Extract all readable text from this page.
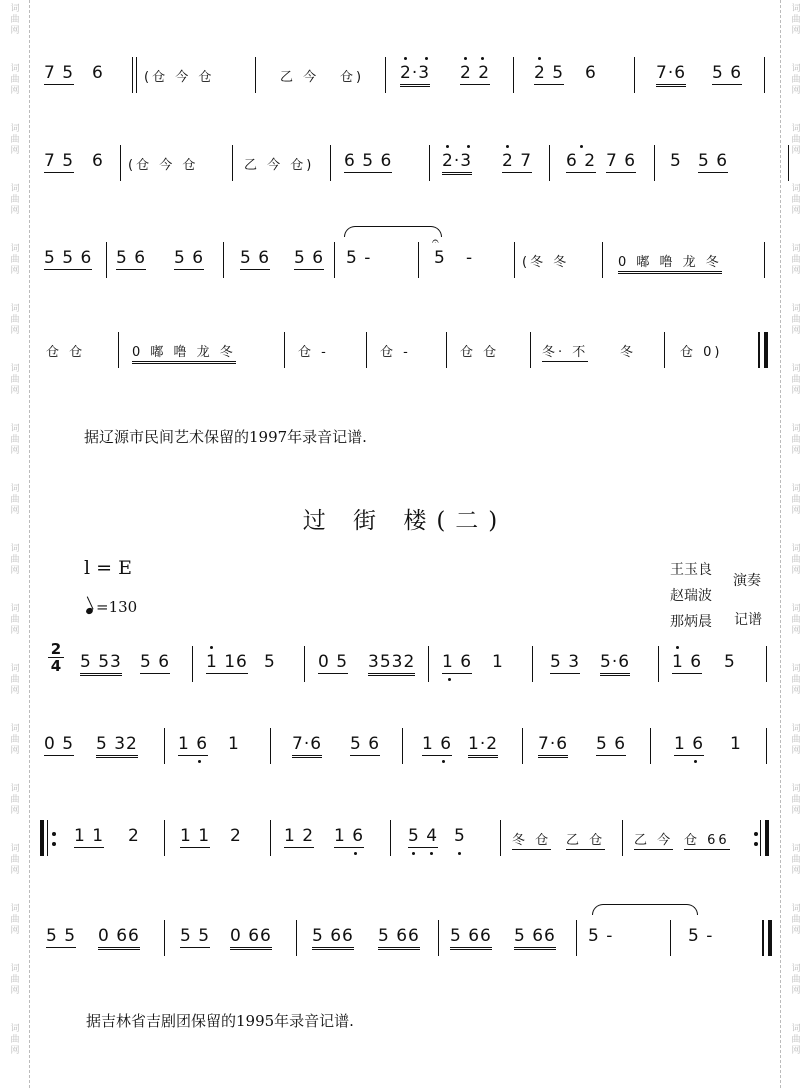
词
曲
网
词
曲
网
词
曲
网
词
曲
网
词
曲
网
词
曲
网
词
曲
网
词
曲
网
词
曲
网
词
曲
网
词
曲
网
词
曲
网
词
曲
网
词
曲
网
词
曲
网
词
曲
网
词
曲
网
词
曲
网
词
曲
网
词
曲
网
词
曲
网
词
曲
网
词
曲
网
词
曲
网
词
曲
网
词
曲
网
词
曲
网
词
曲
网
词
曲
网
词
曲
网
词
曲
网
词
曲
网
词
曲
网
词
曲
网
词
曲
网
词
曲
网
7 5 6	(仓 今 仓	乙 今 仓) 2·3 2 2	2 5 6	7·6 5 6
7 5 6 (仓 今 仓	乙 今 仓) 6 5 6	2·3 2 7 6 2 7 6 5 5 6
5 5 6 5 6 5 6 5 6 5 6 5 -
𝄐
5 -	(冬 冬	0 嘟 噜 龙 冬
仓 仓	0 嘟 噜 龙 冬	仓 -	仓 -	仓 仓	冬· 不 冬	仓 0)
据辽源市民间艺术保留的1997年录音记谱.
过 街 楼(二)
l = E
=130
王玉良
赵瑞波
那炳晨
演奏
记谱
2
4 5 53 5 6 1 16 5 0 5 3532 1 6 1	5 3 5·6 1 6 5
0 5 5 32 1 6 1	7·6 5 6 1 6 1·2 7·6 5 6	1 6 1
1 1 2 1 1 2 1 2 1 6	5 4 5	冬 仓 乙 仓 乙 今 仓 66
5 5 0 66 5 5 0 66 5 66 5 66 5 66 5 66 5 -	5 -
据吉林省吉剧团保留的1995年录音记谱.
